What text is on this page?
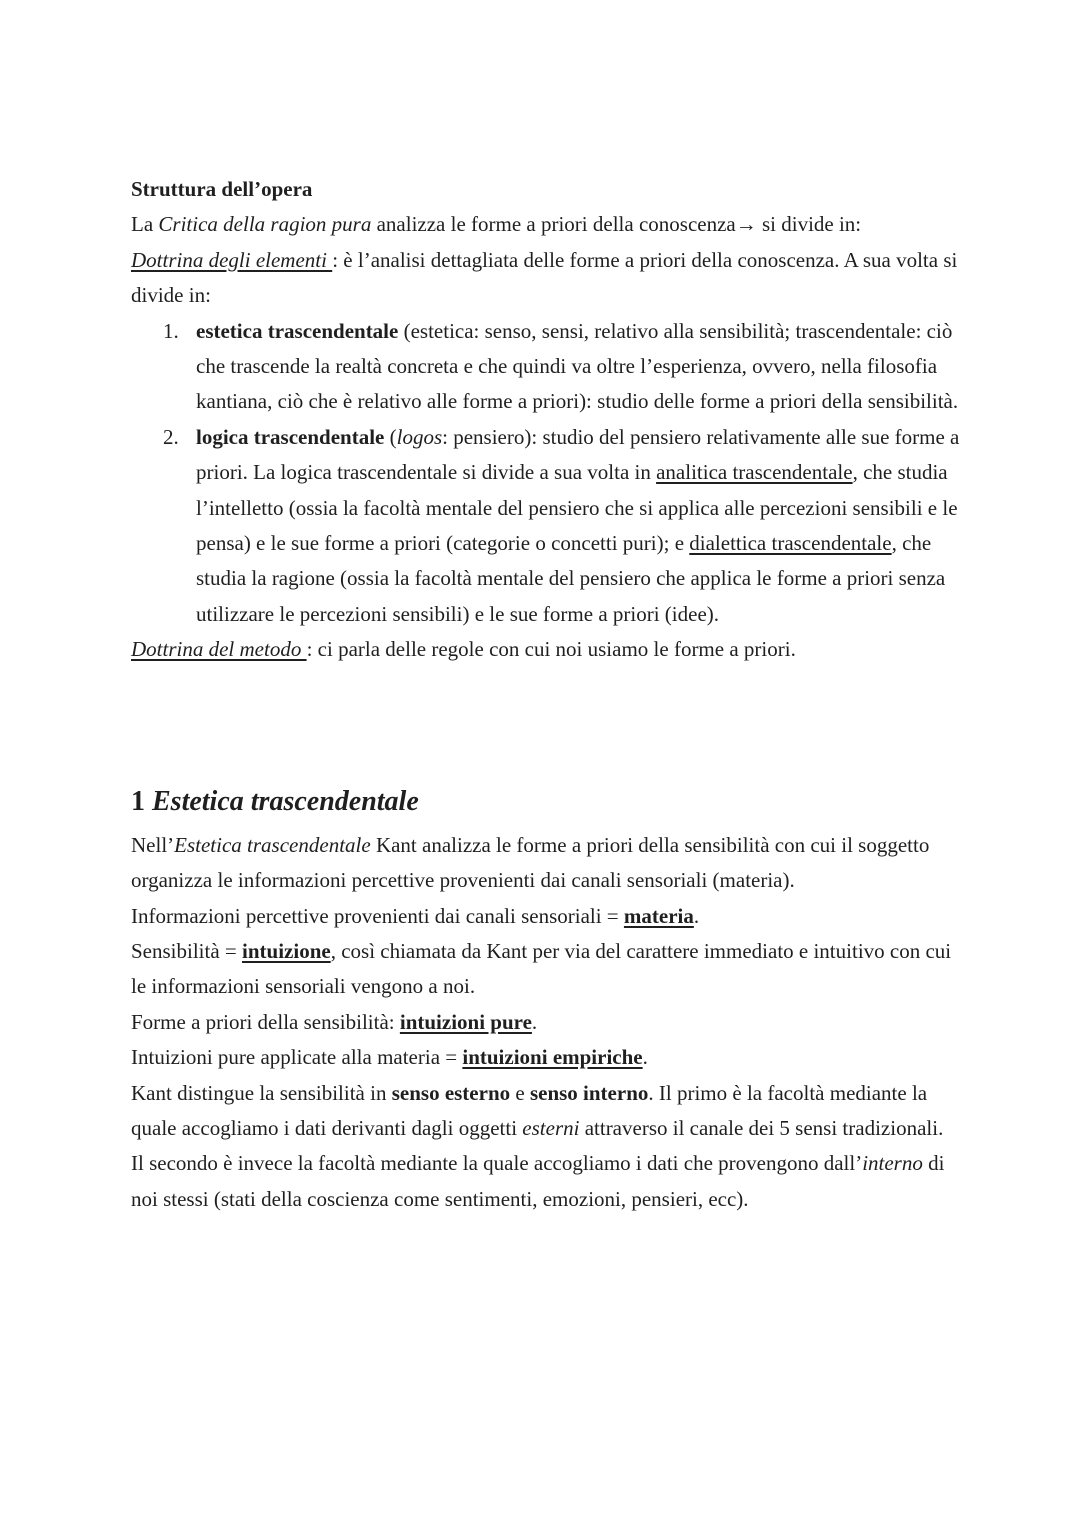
Struttura dell’opera

La Critica della ragion pura analizza le forme a priori della conoscenza→ si divide in:

Dottrina degli elementi : è l’analisi dettagliata delle forme a priori della conoscenza. A sua volta si divide in:

1. estetica trascendentale (estetica: senso, sensi, relativo alla sensibilità; trascendentale: ciò che trascende la realtà concreta e che quindi va oltre l’esperienza, ovvero, nella filosofia kantiana, ciò che è relativo alle forme a priori): studio delle forme a priori della sensibilità.
2. logica trascendentale (logos: pensiero): studio del pensiero relativamente alle sue forme a priori. La logica trascendentale si divide a sua volta in analitica trascendentale, che studia l’intelletto (ossia la facoltà mentale del pensiero che si applica alle percezioni sensibili e le pensa) e le sue forme a priori (categorie o concetti puri); e dialettica trascendentale, che studia la ragione (ossia la facoltà mentale del pensiero che applica le forme a priori senza utilizzare le percezioni sensibili) e le sue forme a priori (idee).

Dottrina del metodo : ci parla delle regole con cui noi usiamo le forme a priori.

1 Estetica trascendentale

Nell’Estetica trascendentale Kant analizza le forme a priori della sensibilità con cui il soggetto organizza le informazioni percettive provenienti dai canali sensoriali (materia).

Informazioni percettive provenienti dai canali sensoriali = materia.

Sensibilità = intuizione, così chiamata da Kant per via del carattere immediato e intuitivo con cui le informazioni sensoriali vengono a noi.

Forme a priori della sensibilità: intuizioni pure.

Intuizioni pure applicate alla materia = intuizioni empiriche.

Kant distingue la sensibilità in senso esterno e senso interno. Il primo è la facoltà mediante la quale accogliamo i dati derivanti dagli oggetti esterni attraverso il canale dei 5 sensi tradizionali. Il secondo è invece la facoltà mediante la quale accogliamo i dati che provengono dall’interno di noi stessi (stati della coscienza come sentimenti, emozioni, pensieri, ecc).
